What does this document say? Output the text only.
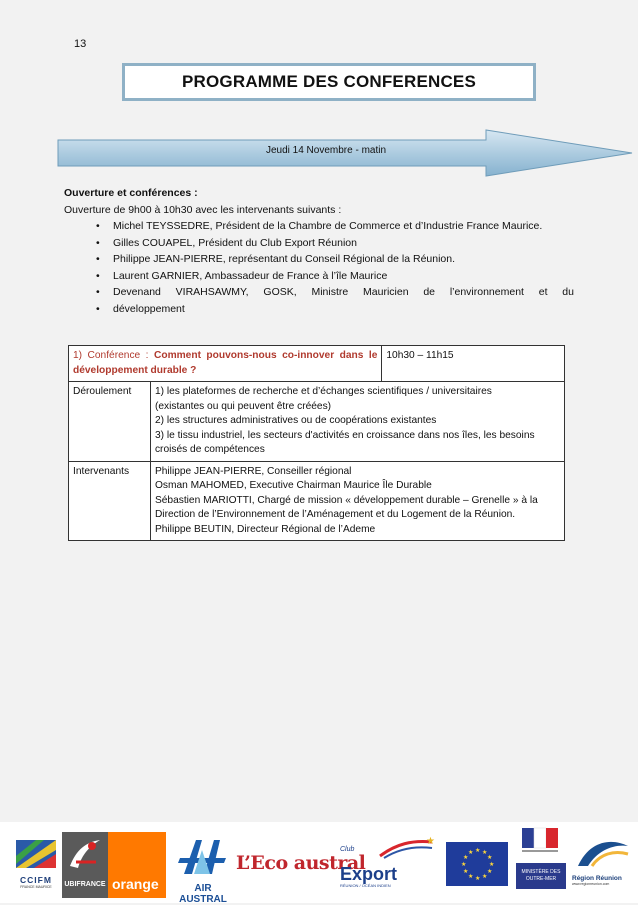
13
PROGRAMME DES CONFERENCES
Jeudi 14 Novembre - matin
Ouverture et conférences :
Ouverture de 9h00 à 10h30 avec les intervenants suivants :
• Michel TEYSSEDRE, Président de la Chambre de Commerce et d’Industrie France Maurice.
• Gilles COUAPEL, Président du Club Export Réunion
• Philippe JEAN-PIERRE, représentant du Conseil Régional de la Réunion.
• Laurent GARNIER, Ambassadeur de France à l’île Maurice
• Devenand VIRAHSAWMY, GOSK, Ministre Mauricien de l’environnement et du
• développement
1) Conférence : Comment pouvons-nous co-innover dans le développement durable ?		10h30 – 11h15
Déroulement	1) les plateformes de recherche et d’échanges scientifiques / universitaires
(existantes ou qui peuvent être créées)
2) les structures administratives ou de coopérations existantes
3) le tissu industriel, les secteurs d'activités en croissance dans nos îles, les besoins
croisés de compétences	

Intervenants	Philippe JEAN-PIERRE, Conseiller régional
Osman MAHOMED, Executive Chairman Maurice Île Durable
Sébastien MARIOTTI, Chargé de mission « développement durable – Grenelle » à la
Direction de l’Environnement de l’Aménagement et du Logement de la Réunion.
Philippe BEUTIN, Directeur Régional de l’Ademe	
CCIFM
FRANCE MAURICE	UBIFRANCE orange	AIR AUSTRAL

L’Eco austral
★
Club
Export
RÉUNION / OCÉAN INDIEN
★ ★
★
★
★
★
★
★
★
★
★
★
MINISTÈRE DES OUTRE-MER	Région Réunion
www.regionreunion.com
